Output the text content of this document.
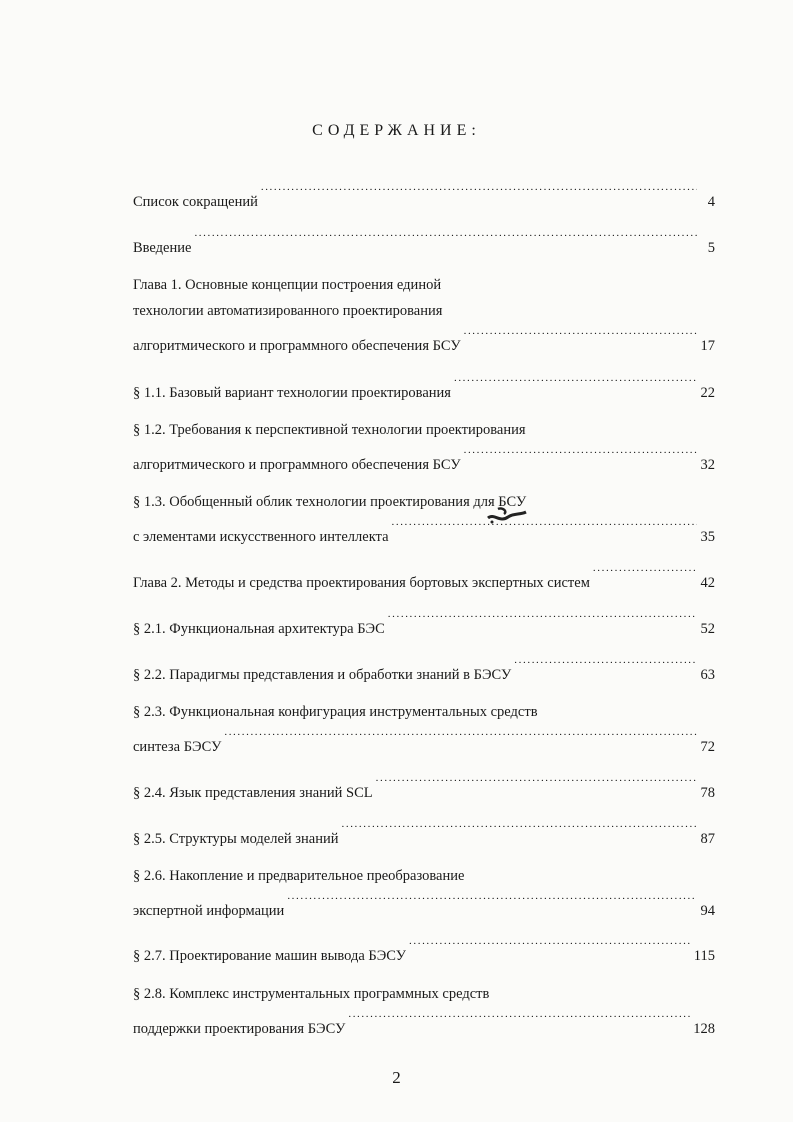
СОДЕРЖАНИЕ:
Список сокращений .....	4
Введение .....	5
Глава 1. Основные концепции построения единой
технологии автоматизированного проектирования
алгоритмического и программного обеспечения БСУ .....	17
§ 1.1. Базовый вариант технологии проектирования .....	22
§ 1.2. Требования к перспективной технологии проектирования
алгоритмического и программного обеспечения БСУ .....	32
§ 1.3. Обобщенный облик технологии проектирования для БСУ
с элементами искусственного интеллекта .....	35
Глава 2. Методы и средства проектирования бортовых экспертных систем .....	42
§ 2.1. Функциональная архитектура БЭС .....	52
§ 2.2. Парадигмы представления и обработки знаний в БЭСУ .....	63
§ 2.3. Функциональная конфигурация инструментальных средств
синтеза БЭСУ .....	72
§ 2.4. Язык представления знаний SCL .....	78
§ 2.5. Структуры моделей знаний .....	87
§ 2.6. Накопление и предварительное преобразование
экспертной информации .....	94
§ 2.7. Проектирование машин вывода БЭСУ .....	115
§ 2.8. Комплекс инструментальных программных средств
поддержки проектирования БЭСУ .....	128
2
